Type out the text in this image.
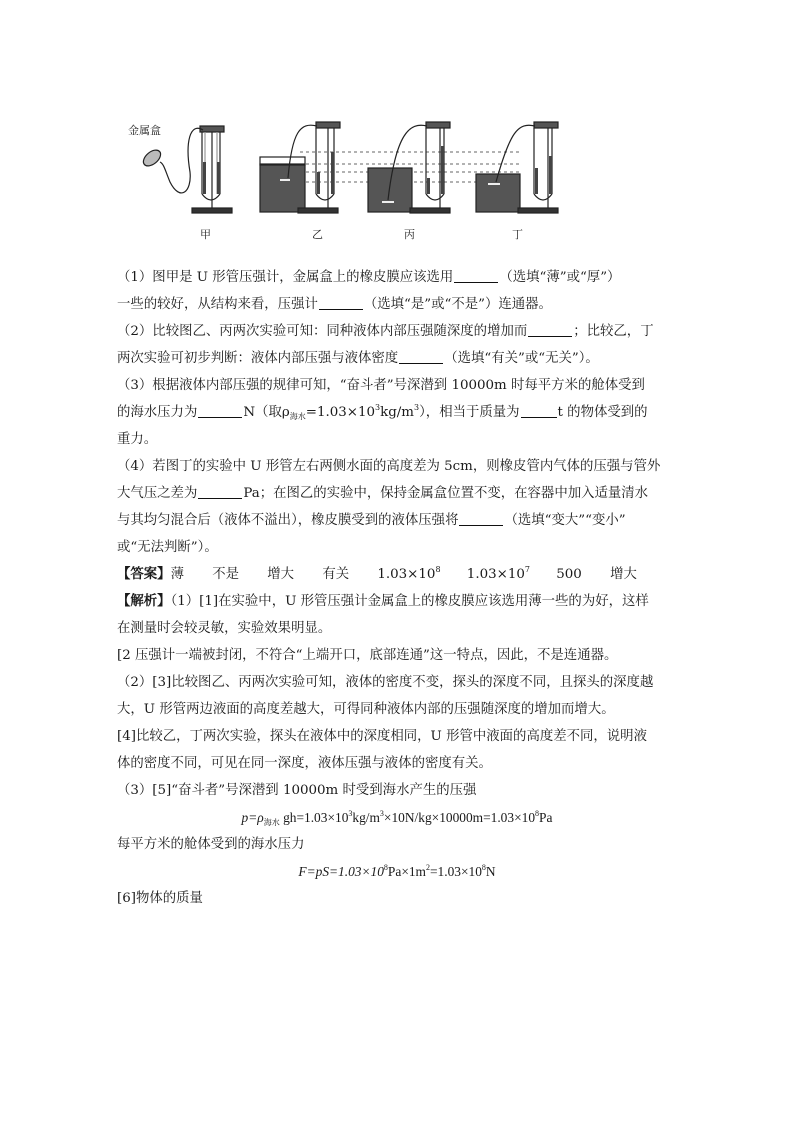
金属盒
甲	乙	丙	丁

（1）图甲是 U 形管压强计，金属盒上的橡皮膜应该选用	（选填“薄”或“厚”）

一些的较好，从结构来看，压强计	（选填“是”或“不是”）连通器。

（2）比较图乙、丙两次实验可知：同种液体内部压强随深度的增加而	；比较乙，丁

两次实验可初步判断：液体内部压强与液体密度	（选填“有关”或“无关”）。

（3）根据液体内部压强的规律可知，“奋斗者”号深潜到 10000m 时每平方米的舱体受到

的海水压力为	N（取$\rho_{海水}=1.03\times 10^3kg/m^3$），相当于质量为	t 的物体受到的

重力。

（4）若图丁的实验中 U 形管左右两侧水面的高度差为 5cm，则橡皮管内气体的压强与管外

大气压之差为	Pa；在图乙的实验中，保持金属盒位置不变，在容器中加入适量清水

与其均匀混合后（液体不溢出），橡皮膜受到的液体压强将	（选填“变大”“变小”

或“无法判断”）。

【答案】薄 不是 增大 有关 $1.03\times 10^8$ $1.03\times 10^7$ 500 增大

【解析】（1）[1]在实验中，U 形管压强计金属盒上的橡皮膜应该选用薄一些的为好，这样

在测量时会较灵敏，实验效果明显。

[2 压强计一端被封闭，不符合“上端开口，底部连通”这一特点，因此，不是连通器。

（2）[3]比较图乙、丙两次实验可知，液体的密度不变，探头的深度不同，且探头的深度越

大，U 形管两边液面的高度差越大，可得同种液体内部的压强随深度的增加而增大。

[4]比较乙，丁两次实验，探头在液体中的深度相同，U 形管中液面的高度差不同，说明液

体的密度不同，可见在同一深度，液体压强与液体的密度有关。

（3）[5]“奋斗者”号深潜到 10000m 时受到海水产生的压强

$p=\rho_{海水}$ $gh=1.03\times 10^3kg/m^3\times 10N/kg\times 10000m=1.03\times 10^8Pa$

每平方米的舱体受到的海水压力

$F=pS=1.03\times 10^8Pa\times 1m^2=1.03\times 10^8N$

[6]物体的质量
